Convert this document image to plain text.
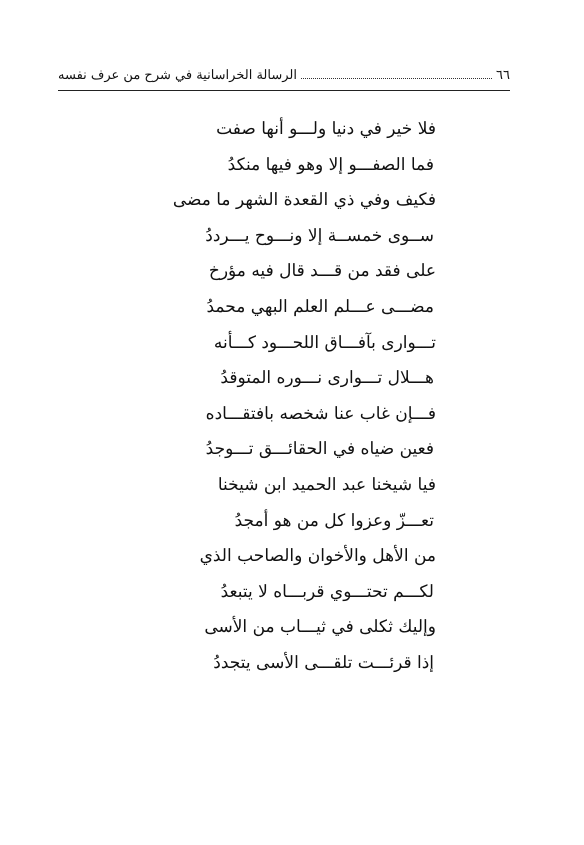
٦٦
الرسالة الخراسانية في شرح من عرف نفسه
فلا خير في دنيا ولـــو أنها صفت
فما الصفـــو إلا وهو فيها منكدُ
فكيف وفي ذي القعدة الشهر ما مضى
ســوى خمســة إلا ونـــوح يـــرددُ
على فقد من قـــد قال فيه مؤرخ
مضـــى عـــلم العلم البهي محمدُ
تـــوارى بآفـــاق اللحـــود كـــأنه
هـــلال تـــوارى نـــوره المتوقدُ
فـــإن غاب عنا شخصه بافتقـــاده
فعين ضياه في الحقائـــق تـــوجدُ
فيا شيخنا عبد الحميد ابن شيخنا
تعـــزّ وعزوا كل من هو أمجدُ
من الأهل والأخوان والصاحب الذي
لكـــم تحتـــوي قربـــاه لا يتبعدُ
وإليك ثكلى في ثيـــاب من الأسى
إذا قرئـــت تلقـــى الأسى يتجددُ
